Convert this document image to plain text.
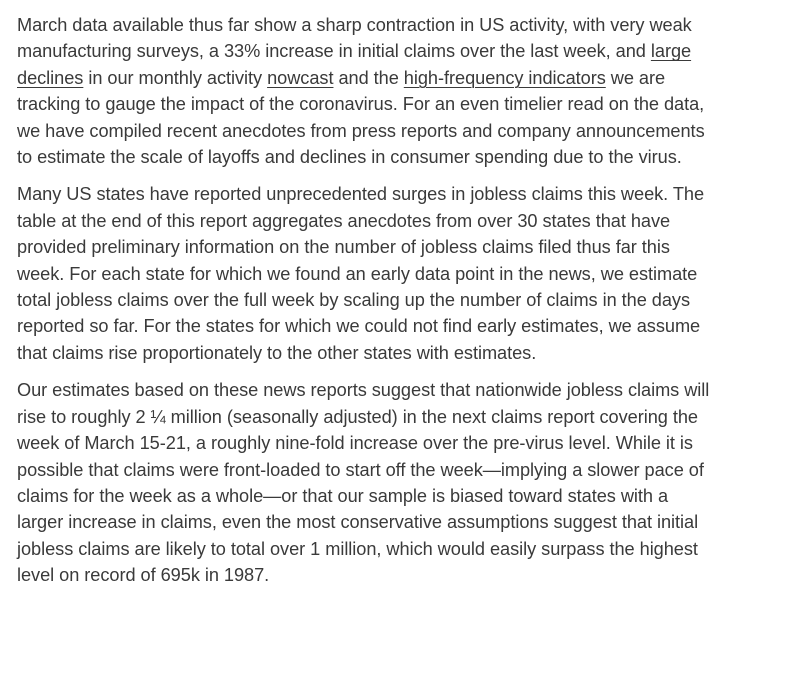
March data available thus far show a sharp contraction in US activity, with very weak
manufacturing surveys, a 33% increase in initial claims over the last week, and large
declines in our monthly activity nowcast and the high-frequency indicators we are
tracking to gauge the impact of the coronavirus. For an even timelier read on the data,
we have compiled recent anecdotes from press reports and company announcements
to estimate the scale of layoffs and declines in consumer spending due to the virus.

Many US states have reported unprecedented surges in jobless claims this week. The
table at the end of this report aggregates anecdotes from over 30 states that have
provided preliminary information on the number of jobless claims filed thus far this
week. For each state for which we found an early data point in the news, we estimate
total jobless claims over the full week by scaling up the number of claims in the days
reported so far. For the states for which we could not find early estimates, we assume
that claims rise proportionately to the other states with estimates.

Our estimates based on these news reports suggest that nationwide jobless claims will
rise to roughly 2 ¼ million (seasonally adjusted) in the next claims report covering the
week of March 15-21, a roughly nine-fold increase over the pre-virus level. While it is
possible that claims were front-loaded to start off the week—implying a slower pace of
claims for the week as a whole—or that our sample is biased toward states with a
larger increase in claims, even the most conservative assumptions suggest that initial
jobless claims are likely to total over 1 million, which would easily surpass the highest
level on record of 695k in 1987.
